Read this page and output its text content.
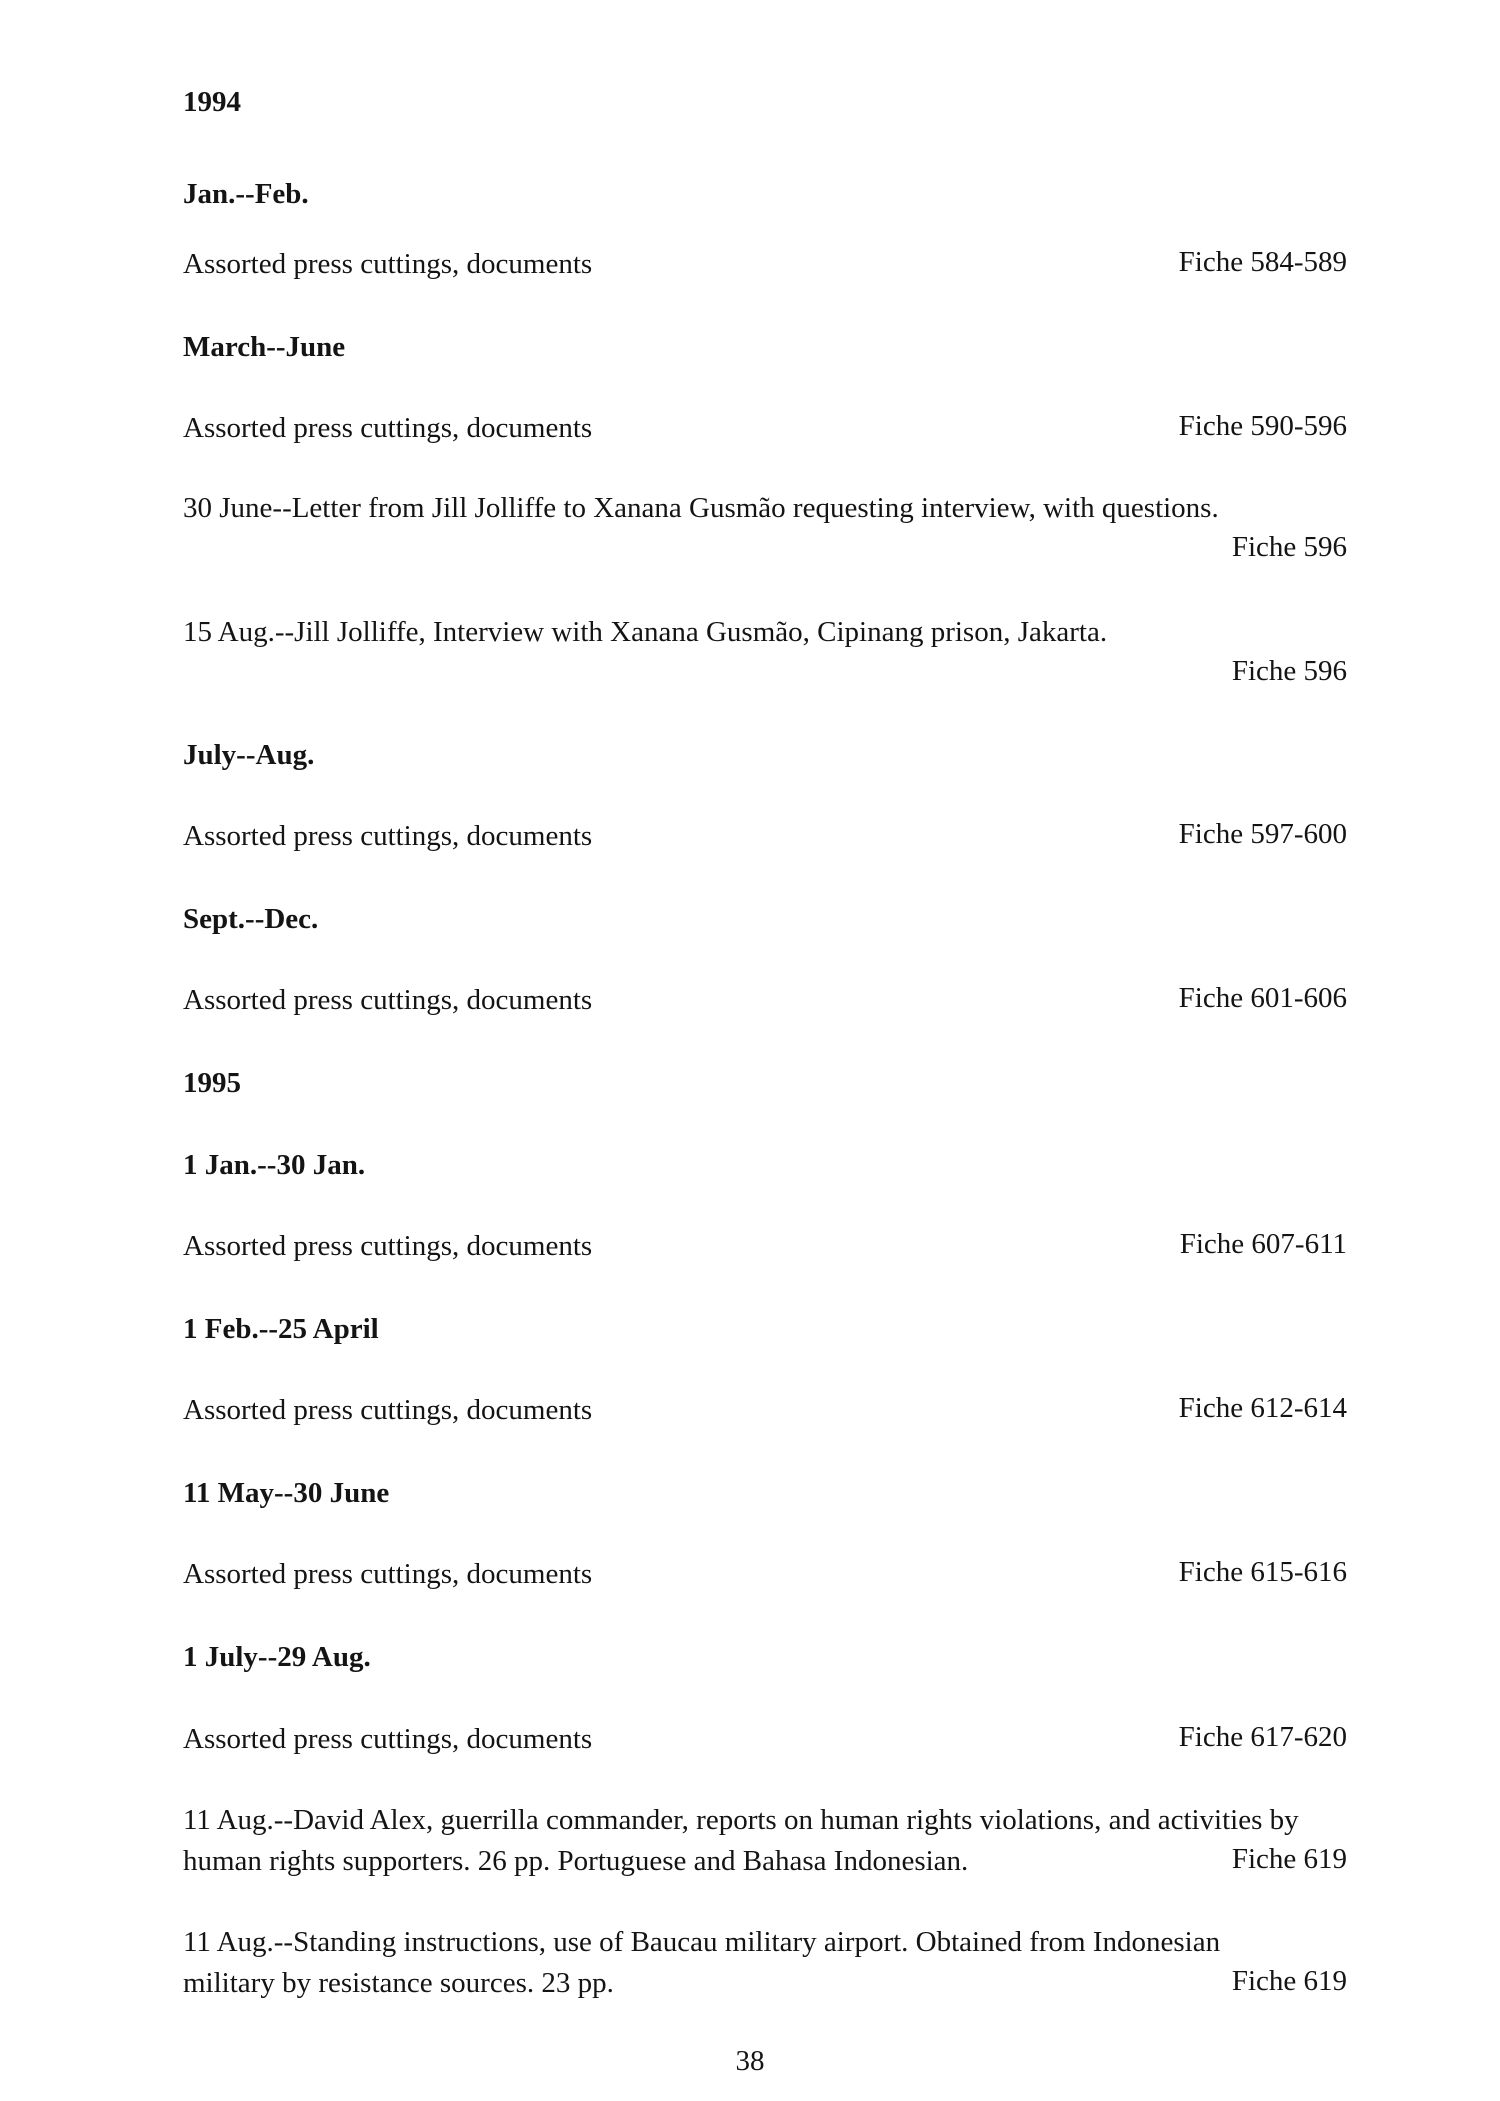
1994
Jan.--Feb.
Assorted press cuttings, documents	Fiche 584-589
March--June
Assorted press cuttings, documents	Fiche 590-596
30 June--Letter from Jill Jolliffe to Xanana Gusmão requesting interview, with questions.
Fiche 596
15 Aug.--Jill Jolliffe, Interview with Xanana Gusmão, Cipinang prison, Jakarta.
Fiche 596
July--Aug.
Assorted press cuttings, documents	Fiche 597-600
Sept.--Dec.
Assorted press cuttings, documents	Fiche 601-606
1995
1 Jan.--30 Jan.
Assorted press cuttings, documents	Fiche 607-611
1 Feb.--25 April
Assorted press cuttings, documents	Fiche 612-614
11 May--30 June
Assorted press cuttings, documents	Fiche 615-616
1 July--29 Aug.
Assorted press cuttings, documents	Fiche 617-620
11 Aug.--David Alex, guerrilla commander, reports on human rights violations, and activities by
human rights supporters. 26 pp. Portuguese and Bahasa Indonesian.	Fiche 619
11 Aug.--Standing instructions, use of Baucau military airport. Obtained from Indonesian
military by resistance sources. 23 pp.	Fiche 619
38
